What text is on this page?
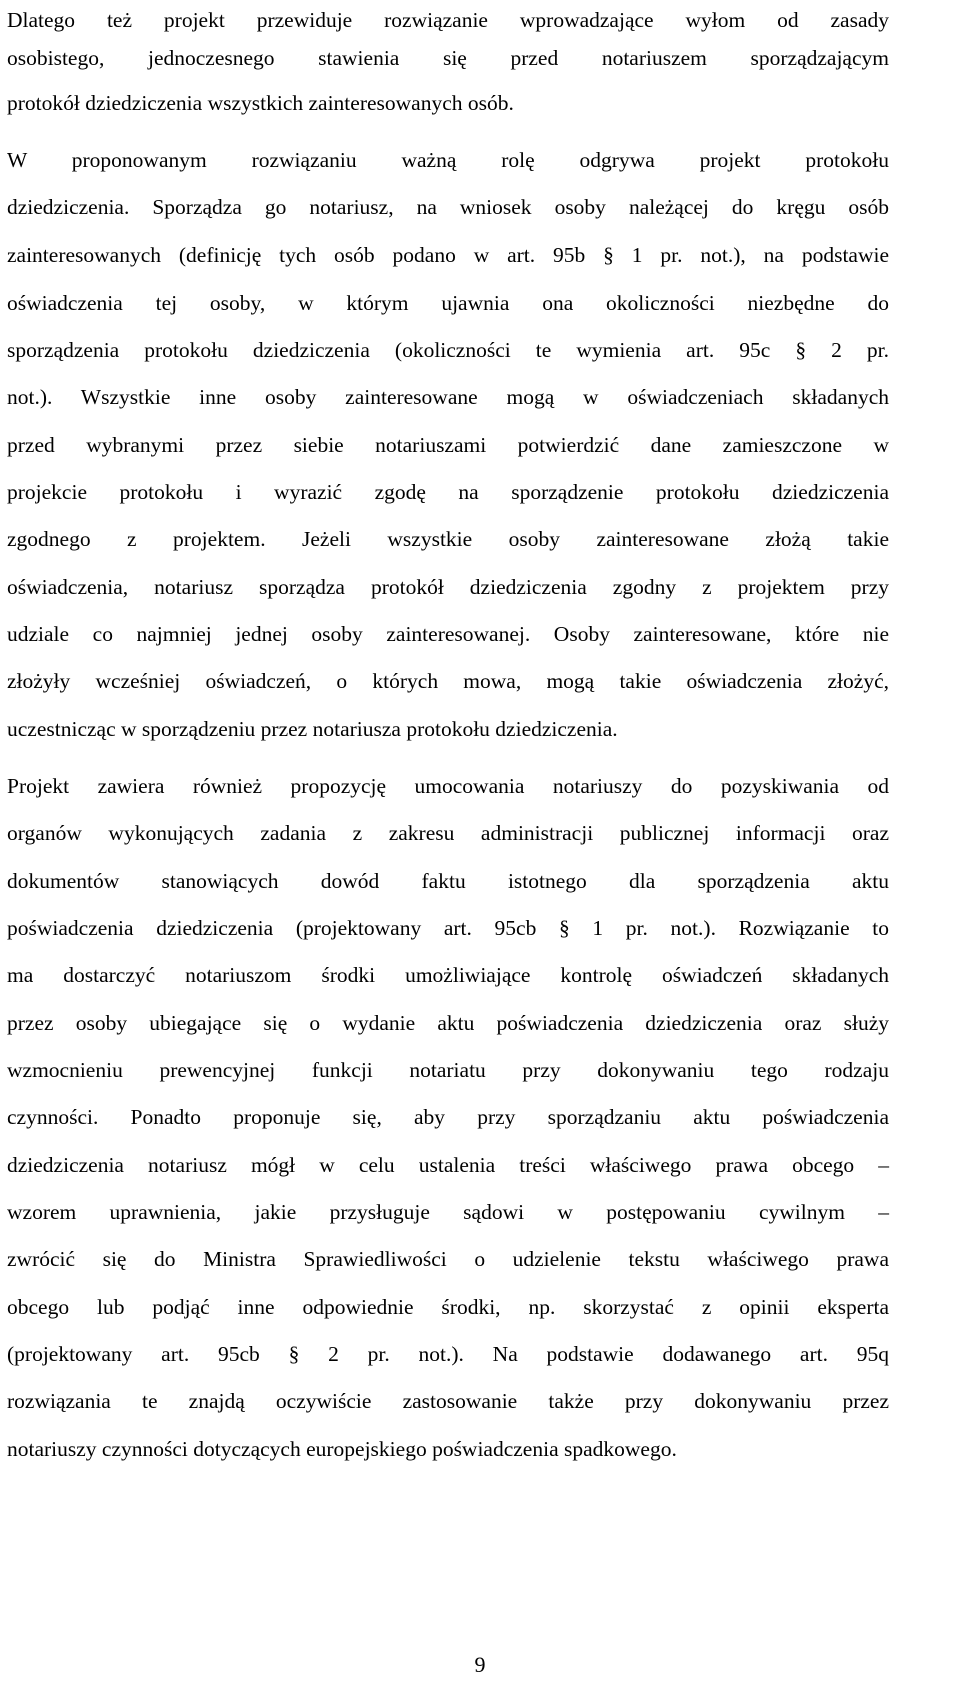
Dlatego też projekt przewiduje rozwiązanie wprowadzające wyłom od zasady
osobistego, jednoczesnego stawienia się przed notariuszem sporządzającym
protokół dziedziczenia wszystkich zainteresowanych osób.
W proponowanym rozwiązaniu ważną rolę odgrywa projekt protokołu
dziedziczenia. Sporządza go notariusz, na wniosek osoby należącej do kręgu osób
zainteresowanych (definicję tych osób podano w art. 95b § 1 pr. not.), na podstawie
oświadczenia tej osoby, w którym ujawnia ona okoliczności niezbędne do
sporządzenia protokołu dziedziczenia (okoliczności te wymienia art. 95c § 2 pr.
not.). Wszystkie inne osoby zainteresowane mogą w oświadczeniach składanych
przed wybranymi przez siebie notariuszami potwierdzić dane zamieszczone w
projekcie protokołu i wyrazić zgodę na sporządzenie protokołu dziedziczenia
zgodnego z projektem. Jeżeli wszystkie osoby zainteresowane złożą takie
oświadczenia, notariusz sporządza protokół dziedziczenia zgodny z projektem przy
udziale co najmniej jednej osoby zainteresowanej. Osoby zainteresowane, które nie
złożyły wcześniej oświadczeń, o których mowa, mogą takie oświadczenia złożyć,
uczestnicząc w sporządzeniu przez notariusza protokołu dziedziczenia.
Projekt zawiera również propozycję umocowania notariuszy do pozyskiwania od
organów wykonujących zadania z zakresu administracji publicznej informacji oraz
dokumentów stanowiących dowód faktu istotnego dla sporządzenia aktu
poświadczenia dziedziczenia (projektowany art. 95cb § 1 pr. not.). Rozwiązanie to
ma dostarczyć notariuszom środki umożliwiające kontrolę oświadczeń składanych
przez osoby ubiegające się o wydanie aktu poświadczenia dziedziczenia oraz służy
wzmocnieniu prewencyjnej funkcji notariatu przy dokonywaniu tego rodzaju
czynności. Ponadto proponuje się, aby przy sporządzaniu aktu poświadczenia
dziedziczenia notariusz mógł w celu ustalenia treści właściwego prawa obcego –
wzorem uprawnienia, jakie przysługuje sądowi w postępowaniu cywilnym –
zwrócić się do Ministra Sprawiedliwości o udzielenie tekstu właściwego prawa
obcego lub podjąć inne odpowiednie środki, np. skorzystać z opinii eksperta
(projektowany art. 95cb § 2 pr. not.). Na podstawie dodawanego art. 95q
rozwiązania te znajdą oczywiście zastosowanie także przy dokonywaniu przez
notariuszy czynności dotyczących europejskiego poświadczenia spadkowego.
9
